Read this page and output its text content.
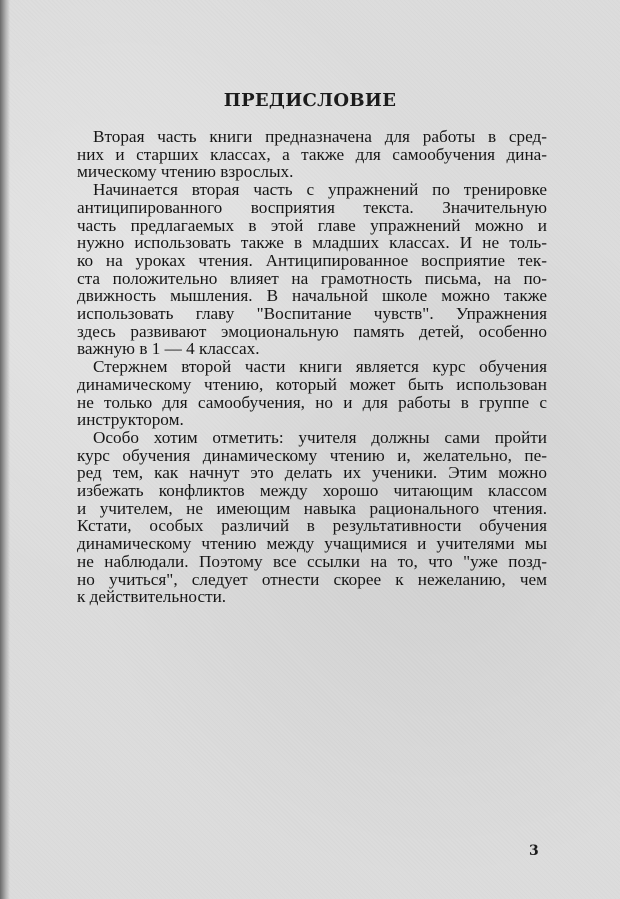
ПРЕДИСЛОВИЕ

Вторая часть книги предназначена для работы в сред-
них и старших классах, а также для самообучения дина-
мическому чтению взрослых.

Начинается вторая часть с упражнений по тренировке
антиципированного восприятия текста. Значительную
часть предлагаемых в этой главе упражнений можно и
нужно использовать также в младших классах. И не толь-
ко на уроках чтения. Антиципированное восприятие тек-
ста положительно влияет на грамотность письма, на по-
движность мышления. В начальной школе можно также
использовать главу "Воспитание чувств". Упражнения
здесь развивают эмоциональную память детей, особенно
важную в 1 — 4 классах.

Стержнем второй части книги является курс обучения
динамическому чтению, который может быть использован
не только для самообучения, но и для работы в группе с
инструктором.

Особо хотим отметить: учителя должны сами пройти
курс обучения динамическому чтению и, желательно, пе-
ред тем, как начнут это делать их ученики. Этим можно
избежать конфликтов между хорошо читающим классом
и учителем, не имеющим навыка рационального чтения.
Кстати, особых различий в результативности обучения
динамическому чтению между учащимися и учителями мы
не наблюдали. Поэтому все ссылки на то, что "уже позд-
но учиться", следует отнести скорее к нежеланию, чем
к действительности.

3
